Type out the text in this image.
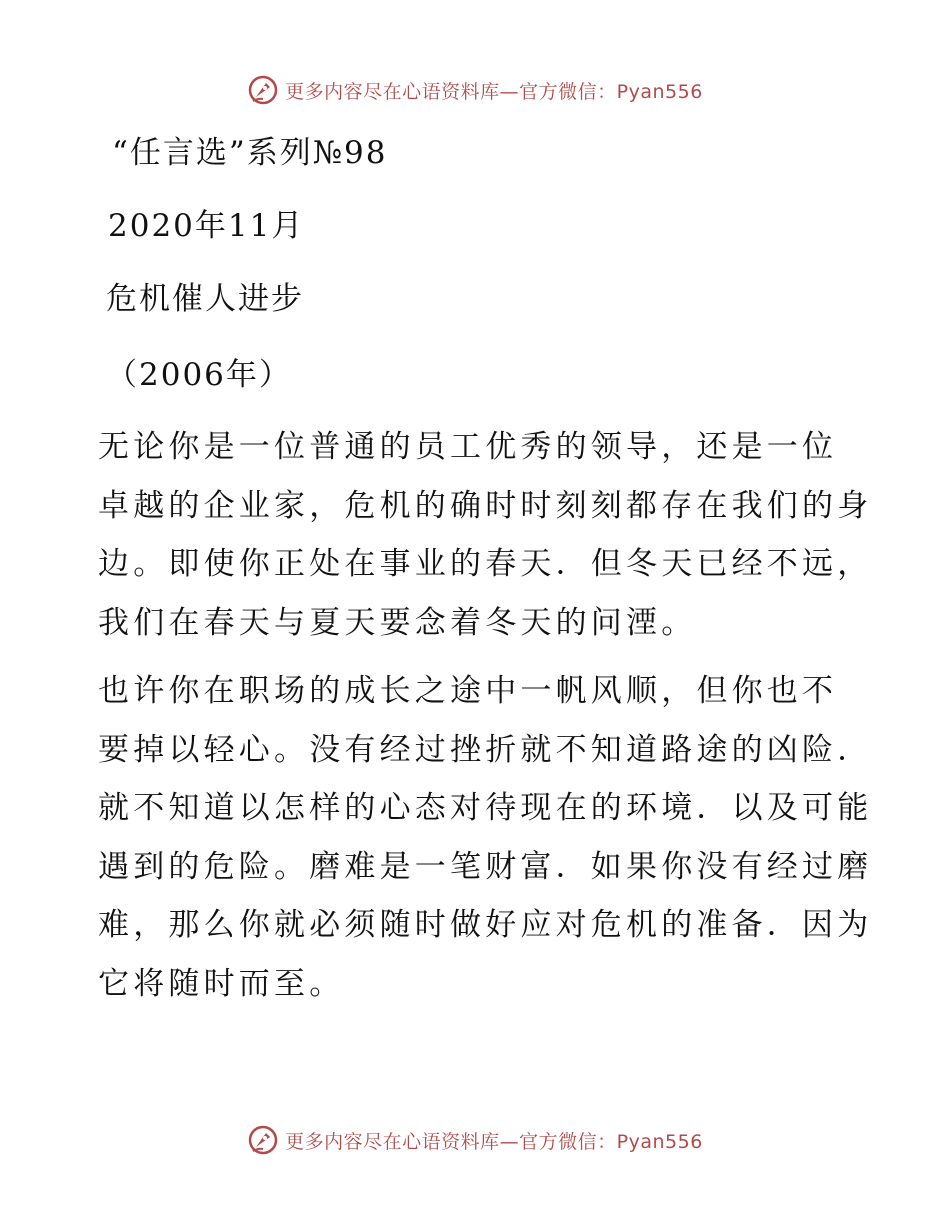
更多内容尽在心语资料库—官方微信：Pyan556
“任言选”系列№98
2020年11月
危机催人进步
（2006年）
无论你是一位普通的员工优秀的领导，还是一位
卓越的企业家，危机的确时时刻刻都存在我们的身
边。即使你正处在事业的春天．但冬天已经不远，
我们在春天与夏天要念着冬天的问湮。
也许你在职场的成长之途中一帆风顺，但你也不
要掉以轻心。没有经过挫折就不知道路途的凶险．
就不知道以怎样的心态对待现在的环境．以及可能
遇到的危险。磨难是一笔财富．如果你没有经过磨
难，那么你就必须随时做好应对危机的准备．因为
它将随时而至。
更多内容尽在心语资料库—官方微信：Pyan556
